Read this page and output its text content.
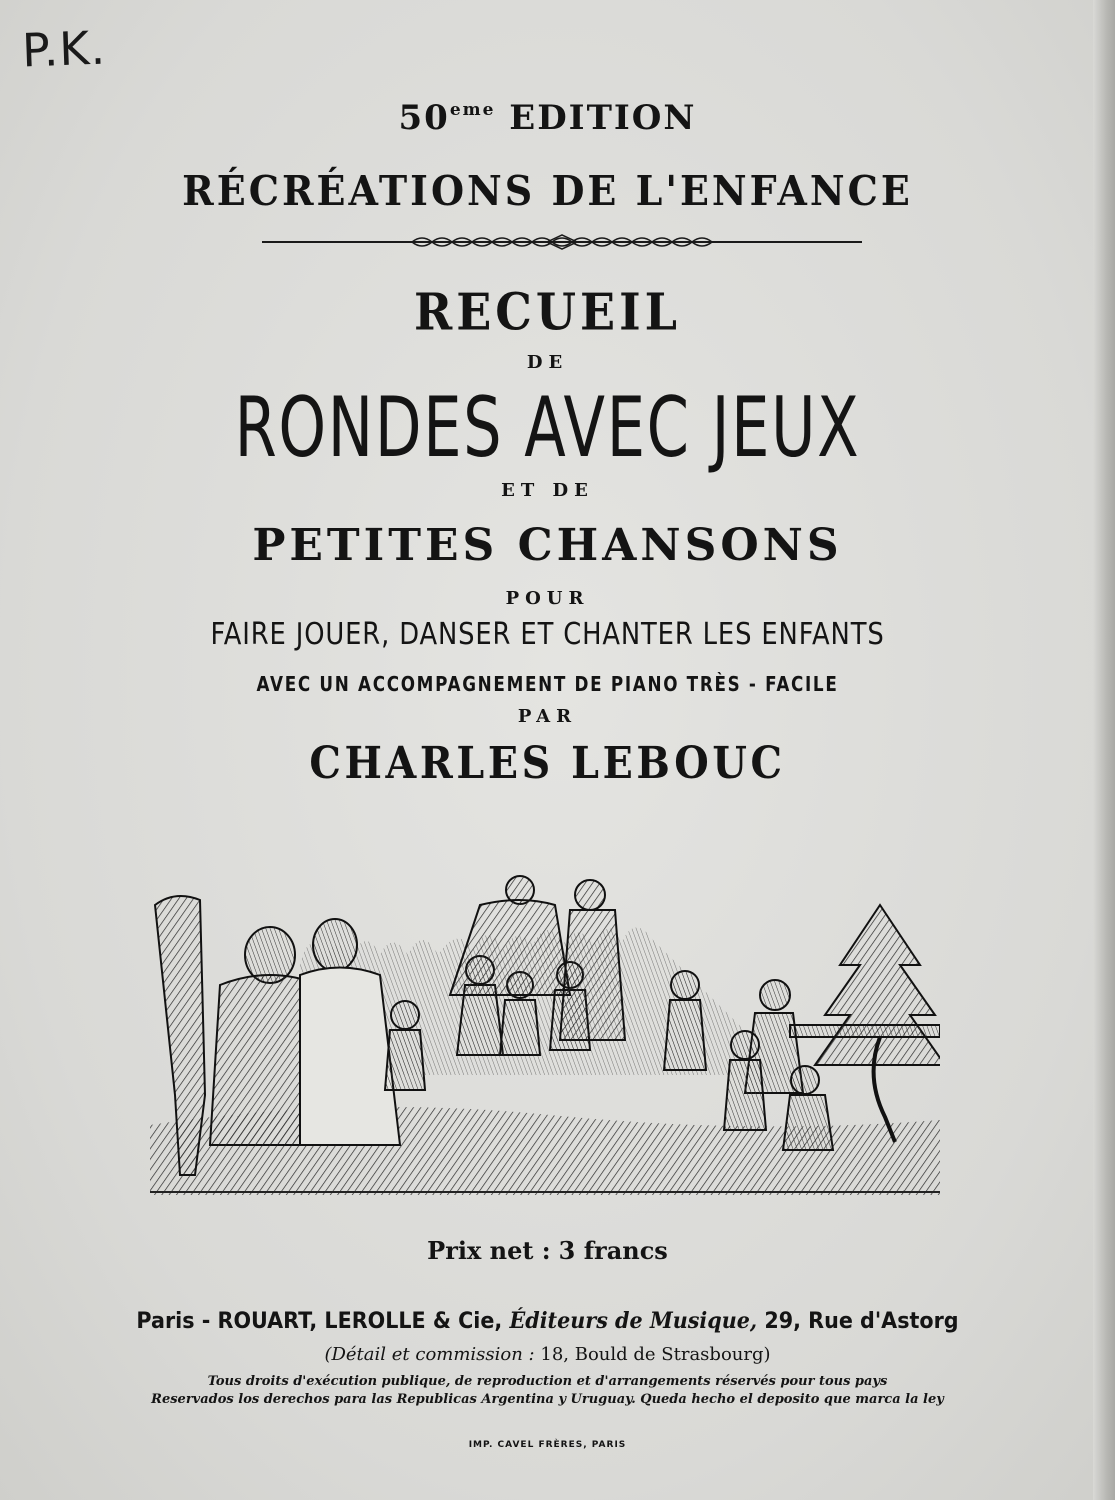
P.K.
50eme EDITION
RÉCRÉATIONS DE L'ENFANCE
RECUEIL
DE
RONDES AVEC JEUX
ET DE
PETITES CHANSONS
POUR
FAIRE JOUER, DANSER ET CHANTER LES ENFANTS
AVEC UN ACCOMPAGNEMENT DE PIANO TRÈS - FACILE
PAR
CHARLES LEBOUC
Prix net : 3 francs
Paris - ROUART, LEROLLE & Cie, Éditeurs de Musique, 29, Rue d'Astorg
(Détail et commission : 18, Bould de Strasbourg)
Tous droits d'exécution publique, de reproduction et d'arrangements réservés pour tous pays
Reservados los derechos para las Republicas Argentina y Uruguay. Queda hecho el deposito que marca la ley
IMP. CAVEL FRÈRES, PARIS
